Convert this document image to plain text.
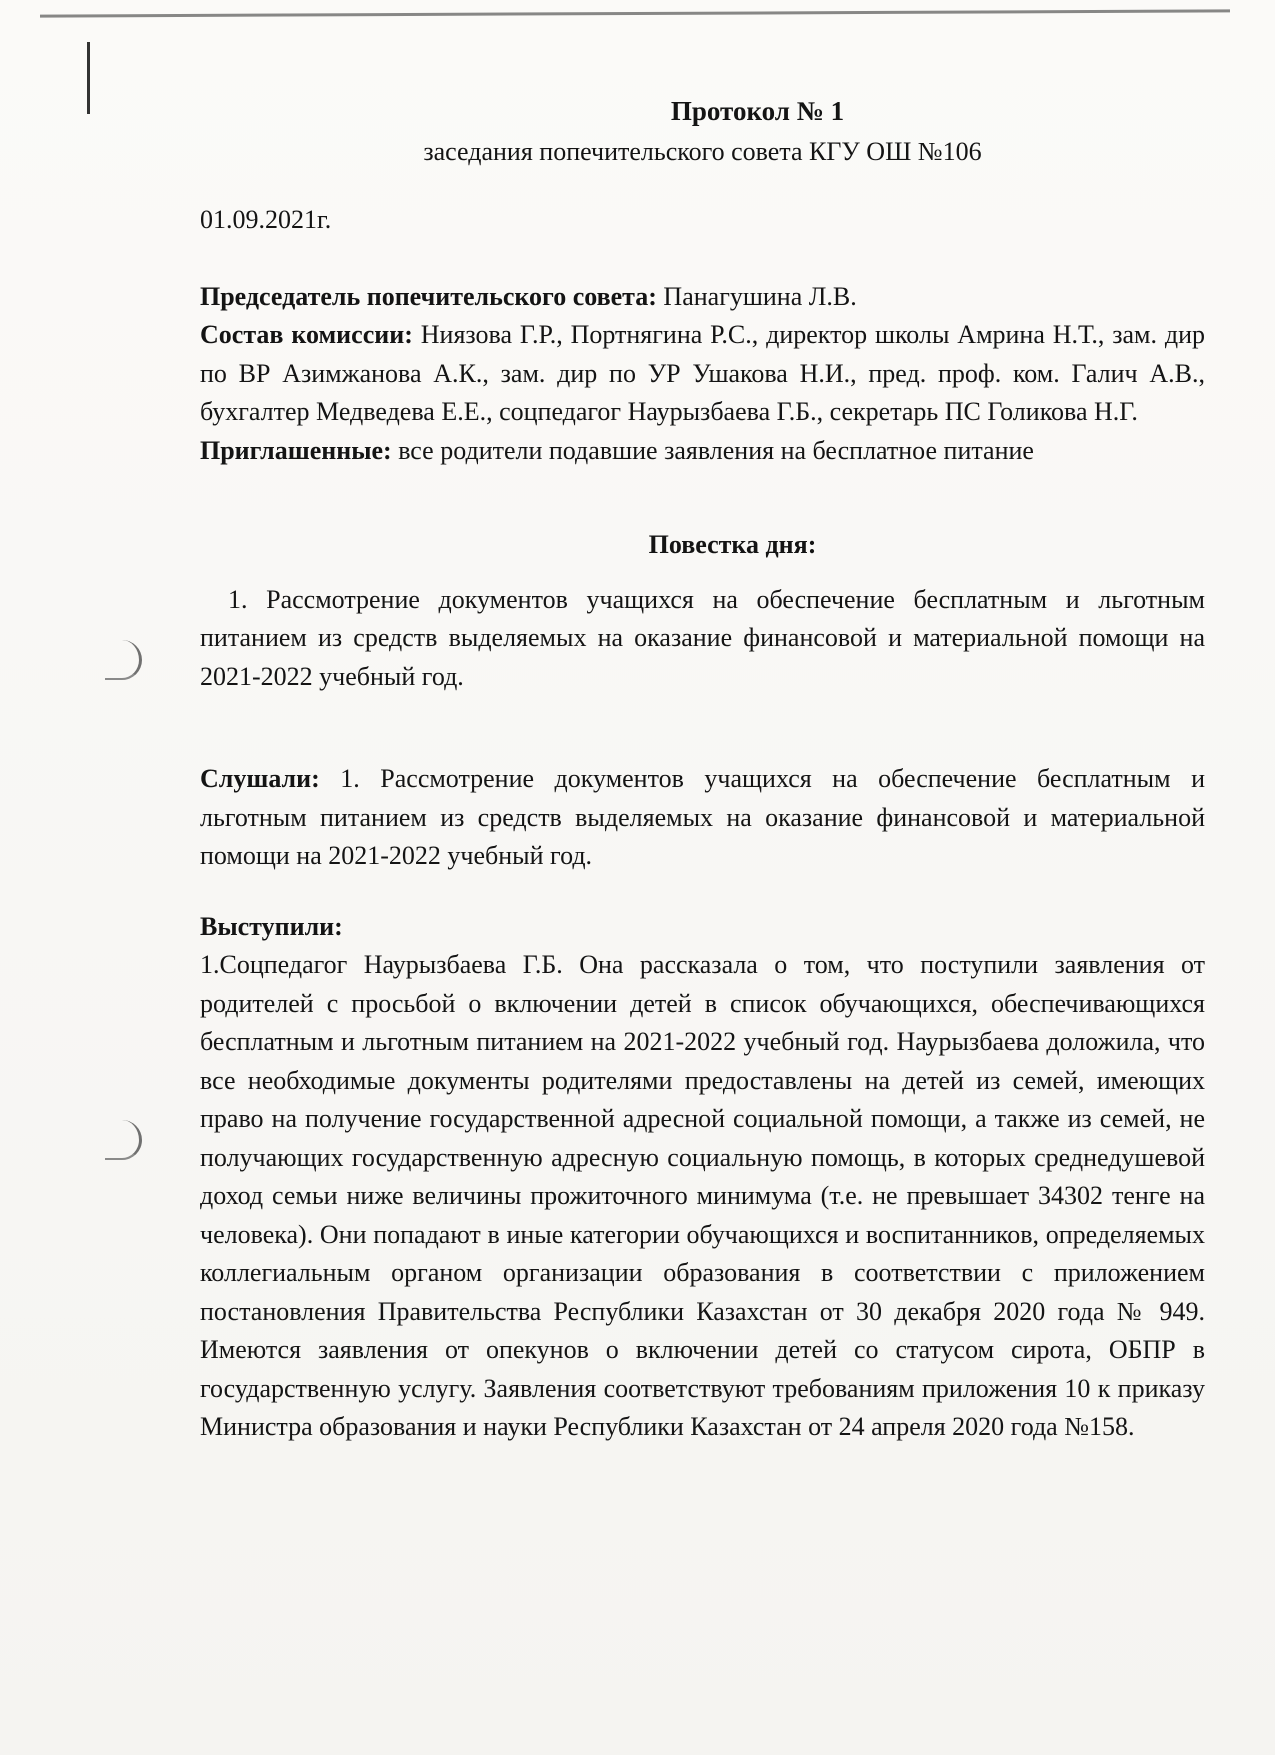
Протокол № 1

заседания попечительского совета КГУ ОШ №106

01.09.2021г.

Председатель попечительского совета: Панагушина Л.В.

Состав комиссии: Ниязова Г.Р., Портнягина Р.С., директор школы Амрина Н.Т., зам. дир по ВР Азимжанова А.К., зам. дир по УР Ушакова Н.И., пред. проф. ком. Галич А.В., бухгалтер Медведева Е.Е., соцпедагог Наурызбаева Г.Б., секретарь ПС Голикова Н.Г.

Приглашенные: все родители подавшие заявления на бесплатное питание

Повестка дня:

1. Рассмотрение документов учащихся на обеспечение бесплатным и льготным питанием из средств выделяемых на оказание финансовой и материальной помощи на 2021-2022 учебный год.

Слушали: 1. Рассмотрение документов учащихся на обеспечение бесплатным и льготным питанием из средств выделяемых на оказание финансовой и материальной помощи на 2021-2022 учебный год.

Выступили:

1.Соцпедагог Наурызбаева Г.Б. Она рассказала о том, что поступили заявления от родителей с просьбой о включении детей в список обучающихся, обеспечивающихся бесплатным и льготным питанием на 2021-2022 учебный год. Наурызбаева доложила, что все необходимые документы родителями предоставлены на детей из семей, имеющих право на получение государственной адресной социальной помощи, а также из семей, не получающих государственную адресную социальную помощь, в которых среднедушевой доход семьи ниже величины прожиточного минимума (т.е. не превышает 34302 тенге на человека). Они попадают в иные категории обучающихся и воспитанников, определяемых коллегиальным органом организации образования в соответствии с приложением постановления Правительства Республики Казахстан от 30 декабря 2020 года № 949. Имеются заявления от опекунов о включении детей со статусом сирота, ОБПР в государственную услугу. Заявления соответствуют требованиям приложения 10 к приказу Министра образования и науки Республики Казахстан от 24 апреля 2020 года №158.
